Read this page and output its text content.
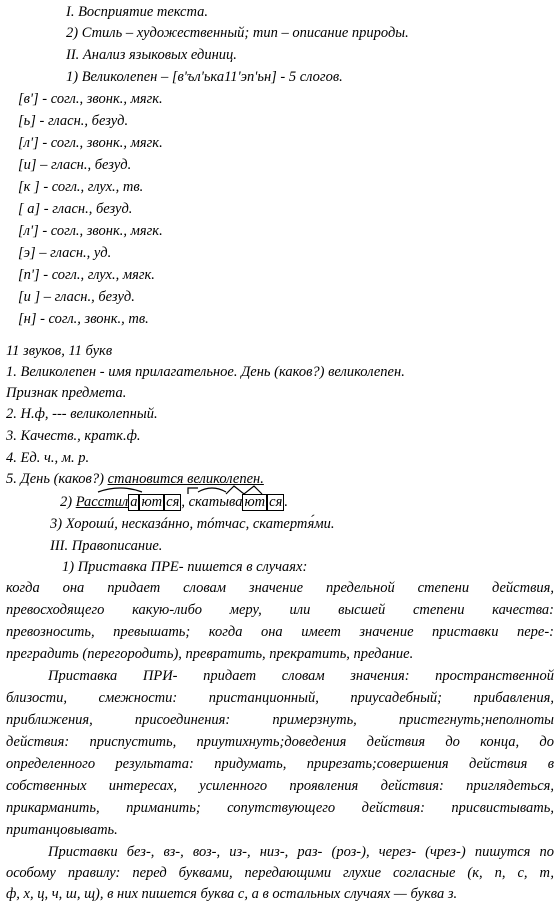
I. Восприятие текста.
2) Стиль – художественный; тип – описание природы.
II. Анализ языковых единиц.
1) Великолепен – [в'ъл'ька11'эп'ьн] - 5 слогов.
[в'] - согл., звонк., мягк.
[ь] - гласн., безуд.
[л'] - согл., звонк., мягк.
[и] – гласн., безуд.
[к ] - согл., глух., тв.
[ а] - гласн., безуд.
[л'] - согл., звонк., мягк.
[э] – гласн., уд.
[п'] - согл., глух., мягк.
[и ] – гласн., безуд.
[н] - согл., звонк., тв.
11 звуков, 11 букв
1. Великолепен - имя прилагательное. День (каков?) великолепен.
Признак предмета.
2. Н.ф, --- великолепный.
3. Качеств., кратк.ф.
4. Ед. ч., м. р.
5. День (каков?) становится великолепен.
2) Расстил а ют ся , скатыва ют ся .
3) Хорошú, несказáнно, тóтчас, скатертя́ми.
III. Правописание.
1) Приставка ПРЕ- пишется в случаях:
когда она придает словам значение предельной степени действия,
превосходящего какую-либо меру, или высшей степени качества:
превозносить, превышать; когда она имеет значение приставки пере-:
преградить (перегородить), превратить, прекратить, предание.
Приставка ПРИ- придает словам значения: пространственной
близости, смежности: пристанционный, приусадебный; прибавления,
приближения, присоединения: примерзнуть, пристегнуть;неполноты
действия: приспустить, приутихнуть;доведения действия до конца, до
определенного результата: придумать, прирезать;совершения действия в
собственных интересах, усиленного проявления действия: приглядеться,
прикарманить, приманить; сопутствующего действия: присвистывать,
пританцовывать.
Приставки без-, вз-, воз-, из-, низ-, раз- (роз-), через- (чрез-) пишутся по
особому правилу: перед буквами, передающими глухие согласные (к, п, с, т,
ф, х, ц, ч, ш, щ), в них пишется буква с, а в остальных случаях — буква з.
